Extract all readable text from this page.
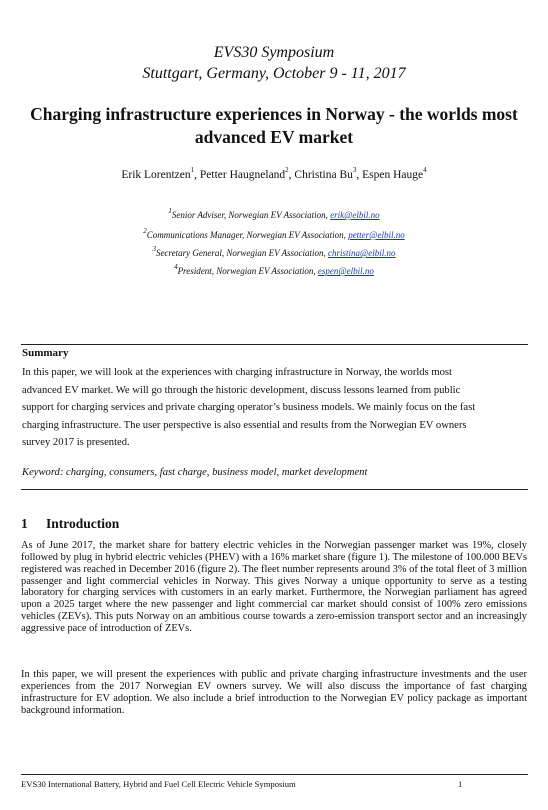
EVS30 Symposium
Stuttgart, Germany, October 9 - 11, 2017
Charging infrastructure experiences in Norway - the worlds most advanced EV market
Erik Lorentzen$^1$, Petter Haugneland$^2$, Christina Bu$^3$, Espen Hauge$^4$
$^1$Senior Adviser, Norwegian EV Association, erik@elbil.no
$^2$Communications Manager, Norwegian EV Association, petter@elbil.no
$^3$Secretary General, Norwegian EV Association, christina@elbil.no
$^4$President, Norwegian EV Association, espen@elbil.no
Summary
In this paper, we will look at the experiences with charging infrastructure in Norway, the worlds most
advanced EV market. We will go through the historic development, discuss lessons learned from public
support for charging services and private charging operator’s business models. We mainly focus on the fast
charging infrastructure. The user perspective is also essential and results from the Norwegian EV owners
survey 2017 is presented.
Keyword: charging, consumers, fast charge, business model, market development
1 Introduction
As of June 2017, the market share for battery electric vehicles in the Norwegian passenger market was 19%, closely followed by plug in hybrid electric vehicles (PHEV) with a 16% market share (figure 1). The milestone of 100.000 BEVs registered was reached in December 2016 (figure 2). The fleet number represents around 3% of the total fleet of 3 million passenger and light commercial vehicles in Norway. This gives Norway a unique opportunity to serve as a testing laboratory for charging services with customers in an early market. Furthermore, the Norwegian parliament has agreed upon a 2025 target where the new passenger and light commercial car market should consist of 100% zero emissions vehicles (ZEVs). This puts Norway on an ambitious course towards a zero-emission transport sector and an increasingly aggressive pace of introduction of ZEVs.
In this paper, we will present the experiences with public and private charging infrastructure investments and the user experiences from the 2017 Norwegian EV owners survey. We will also discuss the importance of fast charging infrastructure for EV adoption. We also include a brief introduction to the Norwegian EV policy package as important background information.
EVS30 International Battery, Hybrid and Fuel Cell Electric Vehicle Symposium	1
